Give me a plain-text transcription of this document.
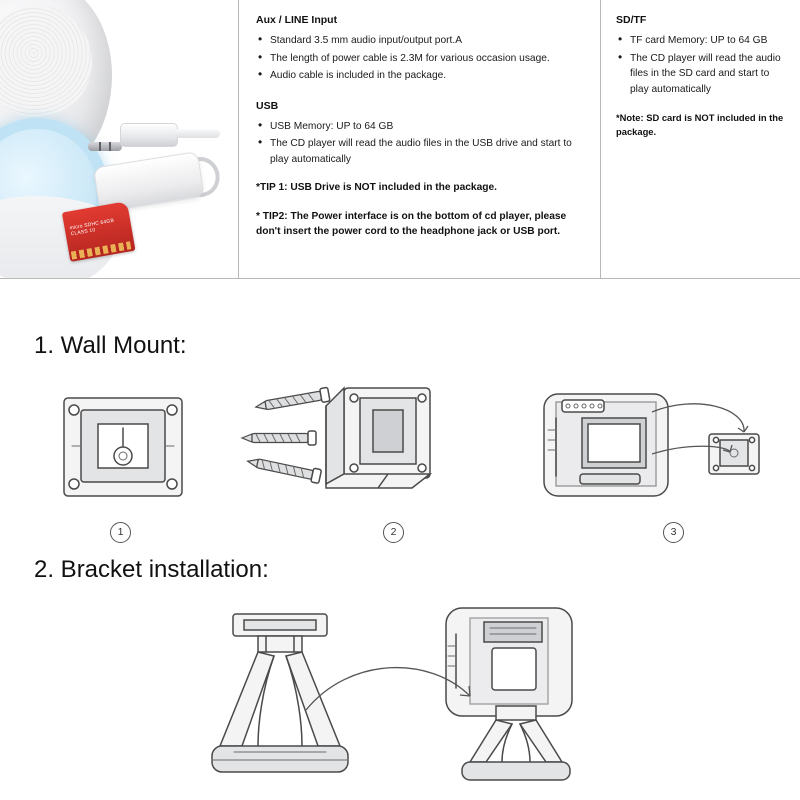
micro SDHC 64GB CLASS 10
Aux / LINE Input
• Standard 3.5 mm audio input/output port.A
• The length of power cable is 2.3M for various occasion usage.
• Audio cable is included in the package.
USB
• USB Memory: UP to 64 GB
• The CD player will read the audio files in the USB drive and start to play automatically
*TIP 1: USB Drive is NOT included in the package.
* TIP2: The Power interface is on the bottom of cd player, please don't insert the power cord to the headphone jack or USB port.
SD/TF
• TF card Memory: UP to 64 GB
• The CD player will read the audio files in the SD card and start to play automatically
*Note: SD card is NOT included in the package.
1. Wall Mount:
1	2	3
2. Bracket installation:
